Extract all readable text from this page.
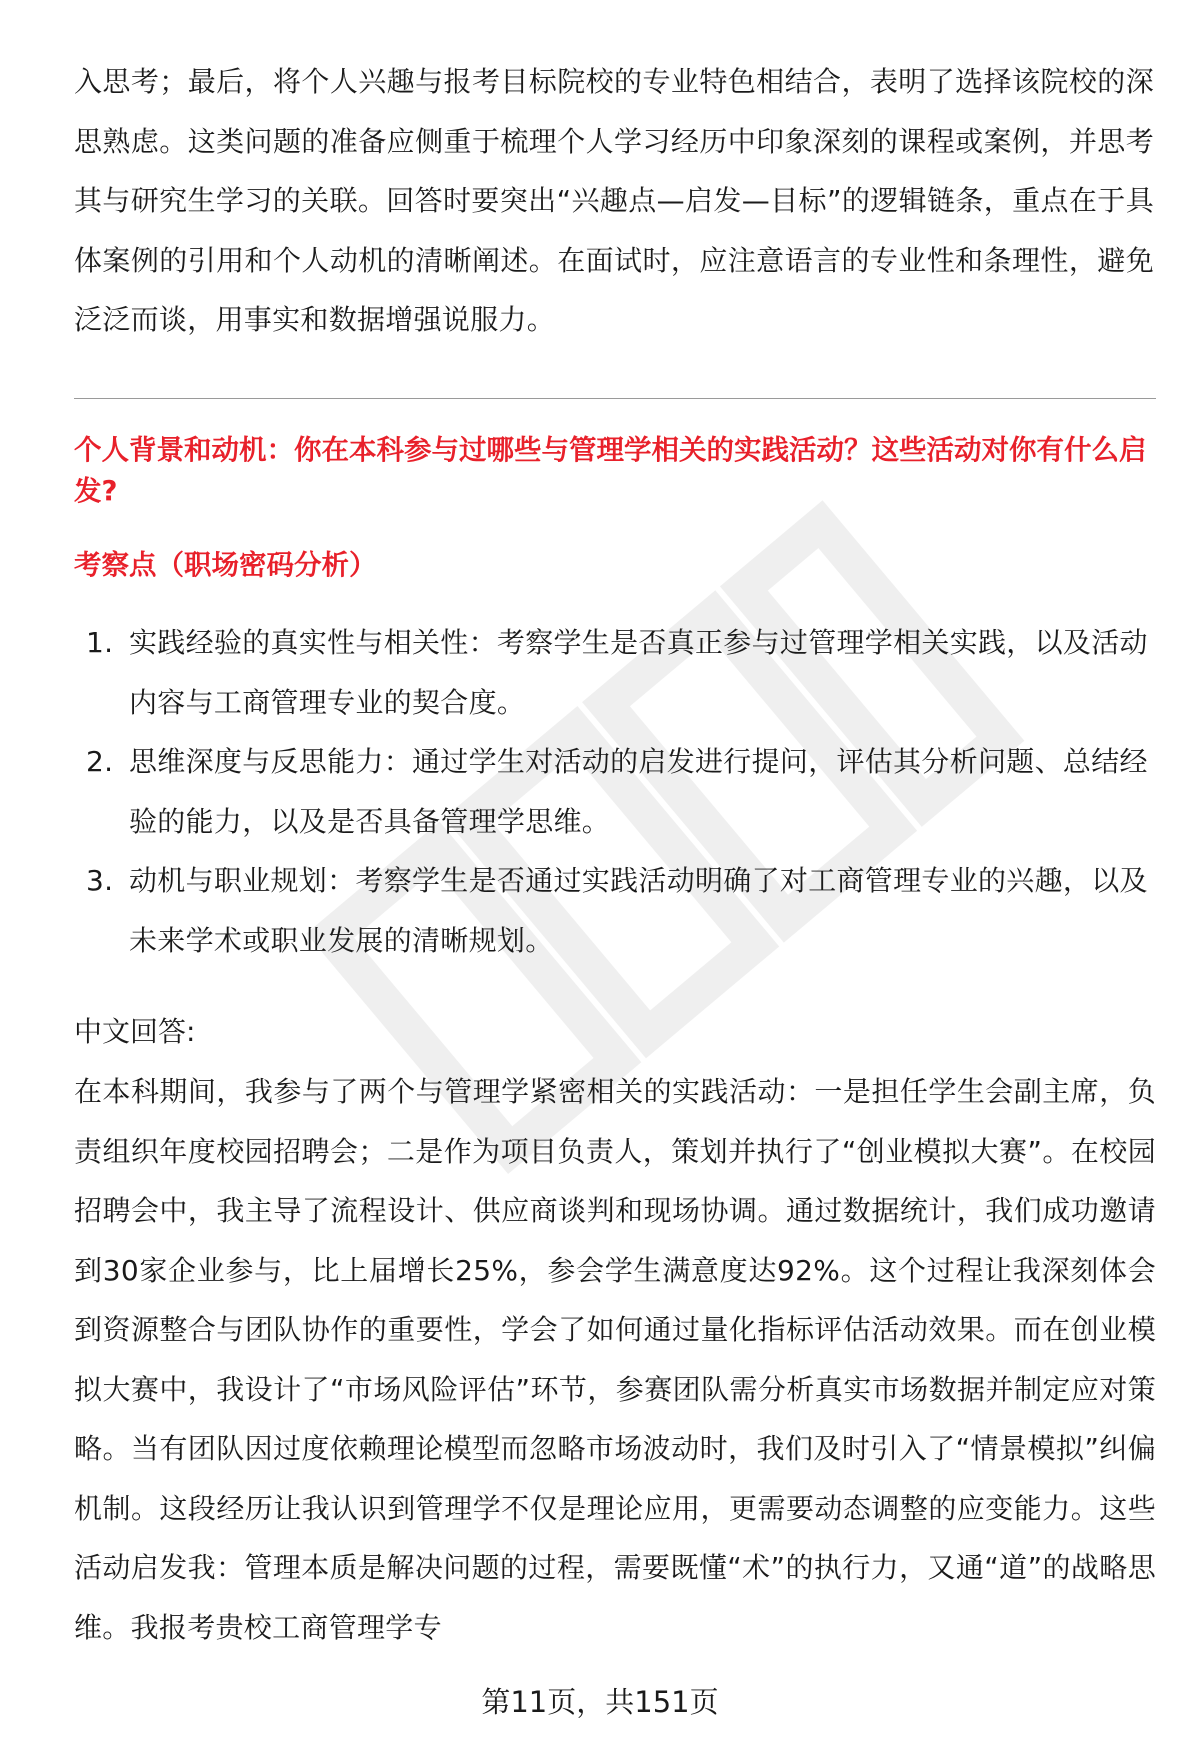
入思考；最后，将个人兴趣与报考目标院校的专业特色相结合，表明了选择该院校的深思熟虑。这类问题的准备应侧重于梳理个人学习经历中印象深刻的课程或案例，并思考其与研究生学习的关联。回答时要突出“兴趣点—启发—目标”的逻辑链条，重点在于具体案例的引用和个人动机的清晰阐述。在面试时，应注意语言的专业性和条理性，避免泛泛而谈，用事实和数据增强说服力。

个人背景和动机：你在本科参与过哪些与管理学相关的实践活动？这些活动对你有什么启发?

考察点（职场密码分析）

1. 实践经验的真实性与相关性：考察学生是否真正参与过管理学相关实践，以及活动内容与工商管理专业的契合度。
2. 思维深度与反思能力：通过学生对活动的启发进行提问，评估其分析问题、总结经验的能力，以及是否具备管理学思维。
3. 动机与职业规划：考察学生是否通过实践活动明确了对工商管理专业的兴趣，以及未来学术或职业发展的清晰规划。

中文回答:

在本科期间，我参与了两个与管理学紧密相关的实践活动：一是担任学生会副主席，负责组织年度校园招聘会；二是作为项目负责人，策划并执行了“创业模拟大赛”。在校园招聘会中，我主导了流程设计、供应商谈判和现场协调。通过数据统计，我们成功邀请到30家企业参与，比上届增长25%，参会学生满意度达92%。这个过程让我深刻体会到资源整合与团队协作的重要性，学会了如何通过量化指标评估活动效果。而在创业模拟大赛中，我设计了“市场风险评估”环节，参赛团队需分析真实市场数据并制定应对策略。当有团队因过度依赖理论模型而忽略市场波动时，我们及时引入了“情景模拟”纠偏机制。这段经历让我认识到管理学不仅是理论应用，更需要动态调整的应变能力。这些活动启发我：管理本质是解决问题的过程，需要既懂“术”的执行力，又通“道”的战略思维。我报考贵校工商管理学专

第11页，共151页
